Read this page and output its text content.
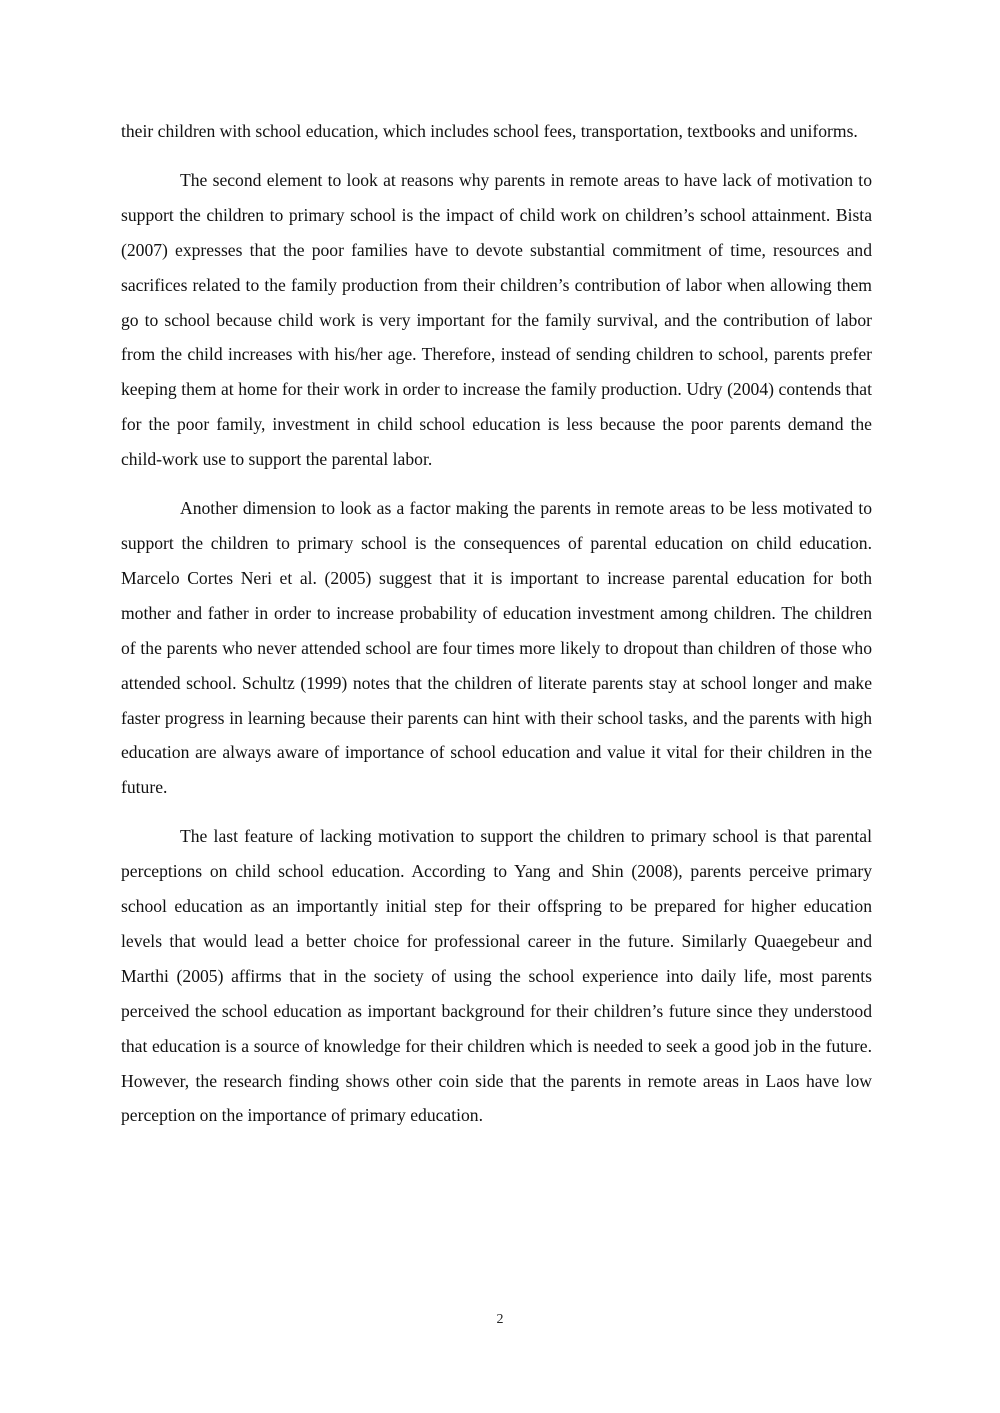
their children with school education, which includes school fees, transportation, textbooks and uniforms.

The second element to look at reasons why parents in remote areas to have lack of motivation to support the children to primary school is the impact of child work on children’s school attainment. Bista (2007) expresses that the poor families have to devote substantial commitment of time, resources and sacrifices related to the family production from their children’s contribution of labor when allowing them go to school because child work is very important for the family survival, and the contribution of labor from the child increases with his/her age. Therefore, instead of sending children to school, parents prefer keeping them at home for their work in order to increase the family production. Udry (2004) contends that for the poor family, investment in child school education is less because the poor parents demand the child-work use to support the parental labor.

Another dimension to look as a factor making the parents in remote areas to be less motivated to support the children to primary school is the consequences of parental education on child education. Marcelo Cortes Neri et al. (2005) suggest that it is important to increase parental education for both mother and father in order to increase probability of education investment among children. The children of the parents who never attended school are four times more likely to dropout than children of those who attended school. Schultz (1999) notes that the children of literate parents stay at school longer and make faster progress in learning because their parents can hint with their school tasks, and the parents with high education are always aware of importance of school education and value it vital for their children in the future.

The last feature of lacking motivation to support the children to primary school is that parental perceptions on child school education. According to Yang and Shin (2008), parents perceive primary school education as an importantly initial step for their offspring to be prepared for higher education levels that would lead a better choice for professional career in the future. Similarly Quaegebeur and Marthi (2005) affirms that in the society of using the school experience into daily life, most parents perceived the school education as important background for their children’s future since they understood that education is a source of knowledge for their children which is needed to seek a good job in the future. However, the research finding shows other coin side that the parents in remote areas in Laos have low perception on the importance of primary education.

2
